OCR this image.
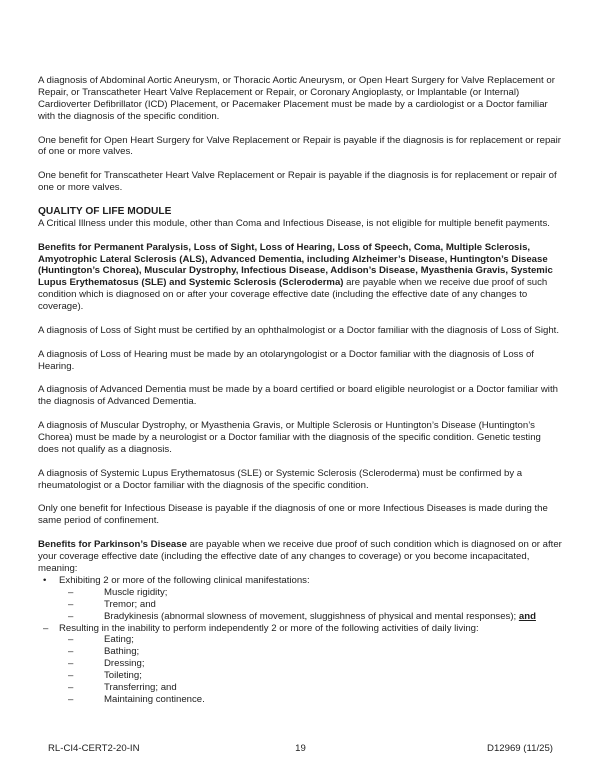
A diagnosis of Abdominal Aortic Aneurysm, or Thoracic Aortic Aneurysm, or Open Heart Surgery for Valve Replacement or Repair, or Transcatheter Heart Valve Replacement or Repair, or Coronary Angioplasty, or Implantable (or Internal) Cardioverter Defibrillator (ICD) Placement, or Pacemaker Placement must be made by a cardiologist or a Doctor familiar with the diagnosis of the specific condition.
One benefit for Open Heart Surgery for Valve Replacement or Repair is payable if the diagnosis is for replacement or repair of one or more valves.
One benefit for Transcatheter Heart Valve Replacement or Repair is payable if the diagnosis is for replacement or repair of one or more valves.
QUALITY OF LIFE MODULE
A Critical Illness under this module, other than Coma and Infectious Disease, is not eligible for multiple benefit payments.
Benefits for Permanent Paralysis, Loss of Sight, Loss of Hearing, Loss of Speech, Coma, Multiple Sclerosis, Amyotrophic Lateral Sclerosis (ALS), Advanced Dementia, including Alzheimer’s Disease, Huntington’s Disease (Huntington’s Chorea), Muscular Dystrophy, Infectious Disease, Addison’s Disease, Myasthenia Gravis, Systemic Lupus Erythematosus (SLE) and Systemic Sclerosis (Scleroderma) are payable when we receive due proof of such condition which is diagnosed on or after your coverage effective date (including the effective date of any changes to coverage).
A diagnosis of Loss of Sight must be certified by an ophthalmologist or a Doctor familiar with the diagnosis of Loss of Sight.
A diagnosis of Loss of Hearing must be made by an otolaryngologist or a Doctor familiar with the diagnosis of Loss of Hearing.
A diagnosis of Advanced Dementia must be made by a board certified or board eligible neurologist or a Doctor familiar with the diagnosis of Advanced Dementia.
A diagnosis of Muscular Dystrophy, or Myasthenia Gravis, or Multiple Sclerosis or Huntington’s Disease (Huntington’s Chorea) must be made by a neurologist or a Doctor familiar with the diagnosis of the specific condition. Genetic testing does not qualify as a diagnosis.
A diagnosis of Systemic Lupus Erythematosus (SLE) or Systemic Sclerosis (Scleroderma) must be confirmed by a rheumatologist or a Doctor familiar with the diagnosis of the specific condition.
Only one benefit for Infectious Disease is payable if the diagnosis of one or more Infectious Diseases is made during the same period of confinement.
Benefits for Parkinson’s Disease are payable when we receive due proof of such condition which is diagnosed on or after your coverage effective date (including the effective date of any changes to coverage) or you become incapacitated, meaning:
• Exhibiting 2 or more of the following clinical manifestations:
–	Muscle rigidity;
–	Tremor; and
–	Bradykinesis (abnormal slowness of movement, sluggishness of physical and mental responses); and
– Resulting in the inability to perform independently 2 or more of the following activities of daily living:
–	Eating;
–	Bathing;
–	Dressing;
–	Toileting;
–	Transferring; and
–	Maintaining continence.
RL-CI4-CERT2-20-IN	19	D12969 (11/25)
